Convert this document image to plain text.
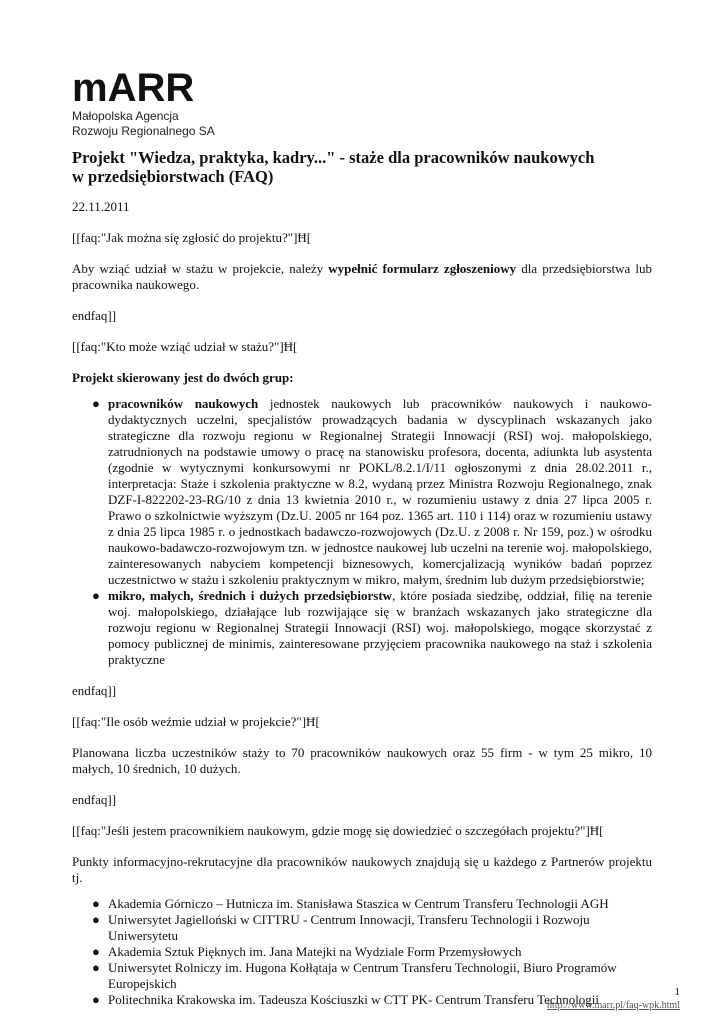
mARR
Małopolska Agencja
Rozwoju Regionalnego SA
Projekt "Wiedza, praktyka, kadry..." - staże dla pracowników naukowych
w przedsiębiorstwach (FAQ)

22.11.2011

[[faq:"Jak można się zgłosić do projektu?"]Ħ[

Aby wziąć udział w stażu w projekcie, należy wypełnić formularz zgłoszeniowy dla przedsiębiorstwa lub pracownika naukowego.

endfaq]]

[[faq:"Kto może wziąć udział w stażu?"]Ħ[

Projekt skierowany jest do dwóch grup:

● pracowników naukowych jednostek naukowych lub pracowników naukowych i naukowo-dydaktycznych uczelni, specjalistów prowadzących badania w dyscyplinach wskazanych jako strategiczne dla rozwoju regionu w Regionalnej Strategii Innowacji (RSI) woj. małopolskiego, zatrudnionych na podstawie umowy o pracę na stanowisku profesora, docenta, adiunkta lub asystenta (zgodnie w wytycznymi konkursowymi nr POKL/8.2.1/I/11 ogłoszonymi z dnia 28.02.2011 r., interpretacja: Staże i szkolenia praktyczne w 8.2, wydaną przez Ministra Rozwoju Regionalnego, znak DZF-I-822202-23-RG/10 z dnia 13 kwietnia 2010 r., w rozumieniu ustawy z dnia 27 lipca 2005 r. Prawo o szkolnictwie wyższym (Dz.U. 2005 nr 164 poz. 1365 art. 110 i 114) oraz w rozumieniu ustawy z dnia 25 lipca 1985 r. o jednostkach badawczo-rozwojowych (Dz.U. z 2008 r. Nr 159, poz.) w ośrodku naukowo-badawczo-rozwojowym tzn. w jednostce naukowej lub uczelni na terenie woj. małopolskiego, zainteresowanych nabyciem kompetencji biznesowych, komercjalizacją wyników badań poprzez uczestnictwo w stażu i szkoleniu praktycznym w mikro, małym, średnim lub dużym przedsiębiorstwie;
● mikro, małych, średnich i dużych przedsiębiorstw, które posiada siedzibę, oddział, filię na terenie woj. małopolskiego, działające lub rozwijające się w branżach wskazanych jako strategiczne dla rozwoju regionu w Regionalnej Strategii Innowacji (RSI) woj. małopolskiego, mogące skorzystać z pomocy publicznej de minimis, zainteresowane przyjęciem pracownika naukowego na staż i szkolenia praktyczne

endfaq]]

[[faq:"Ile osób weźmie udział w projekcie?"]Ħ[

Planowana liczba uczestników staży to 70 pracowników naukowych oraz 55 firm - w tym 25 mikro, 10 małych, 10 średnich, 10 dużych.

endfaq]]

[[faq:"Jeśli jestem pracownikiem naukowym, gdzie mogę się dowiedzieć o szczegółach projektu?"]Ħ[

Punkty informacyjno-rekrutacyjne dla pracowników naukowych znajdują się u każdego z Partnerów projektu tj.

● Akademia Górniczo – Hutnicza im. Stanisława Staszica w Centrum Transferu Technologii AGH
● Uniwersytet Jagielloński w CITTRU - Centrum Innowacji, Transferu Technologii i Rozwoju Uniwersytetu
● Akademia Sztuk Pięknych im. Jana Matejki na Wydziale Form Przemysłowych
● Uniwersytet Rolniczy im. Hugona Kołłątaja w Centrum Transferu Technologii, Biuro Programów Europejskich
● Politechnika Krakowska im. Tadeusza Kościuszki w CTT PK- Centrum Transferu Technologii	1
http://www.marr.pl/faq-wpk.html
